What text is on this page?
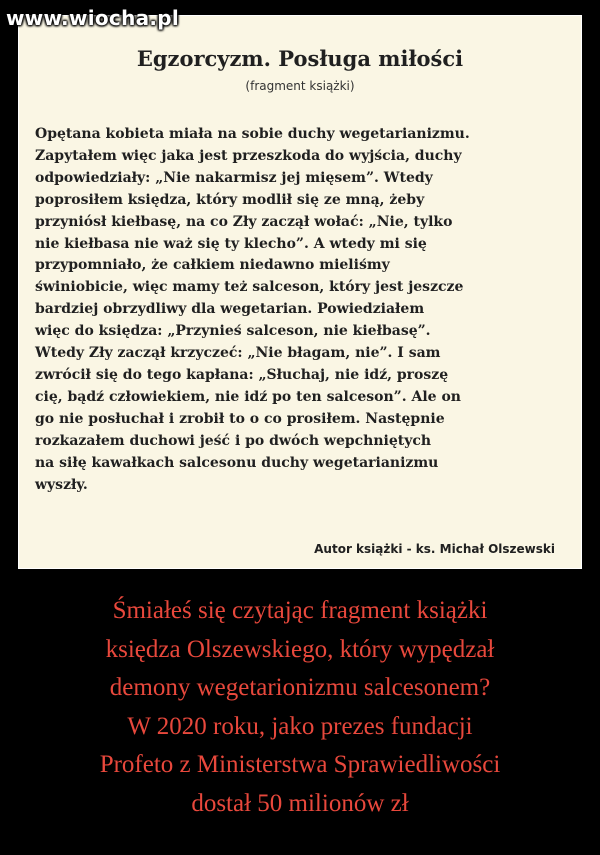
www.wiocha.pl
Egzorcyzm. Posługa miłości
(fragment książki)

Opętana kobieta miała na sobie duchy wegetarianizmu.
Zapytałem więc jaka jest przeszkoda do wyjścia, duchy
odpowiedziały: „Nie nakarmisz jej mięsem”. Wtedy
poprosiłem księdza, który modlił się ze mną, żeby
przyniósł kiełbasę, na co Zły zaczął wołać: „Nie, tylko
nie kiełbasa nie waż się ty klecho”. A wtedy mi się
przypomniało, że całkiem niedawno mieliśmy
świniobicie, więc mamy też salceson, który jest jeszcze
bardziej obrzydliwy dla wegetarian. Powiedziałem
więc do księdza: „Przynieś salceson, nie kiełbasę”.
Wtedy Zły zaczął krzyczeć: „Nie błagam, nie”. I sam
zwrócił się do tego kapłana: „Słuchaj, nie idź, proszę
cię, bądź człowiekiem, nie idź po ten salceson”. Ale on
go nie posłuchał i zrobił to o co prosiłem. Następnie
rozkazałem duchowi jeść i po dwóch wepchniętych
na siłę kawałkach salcesonu duchy wegetarianizmu
wyszły.

Autor książki - ks. Michał Olszewski
Śmiałeś się czytając fragment książki
księdza Olszewskiego, który wypędzał
demony wegetarionizmu salcesonem?
W 2020 roku, jako prezes fundacji
Profeto z Ministerstwa Sprawiedliwości
dostał 50 milionów zł
